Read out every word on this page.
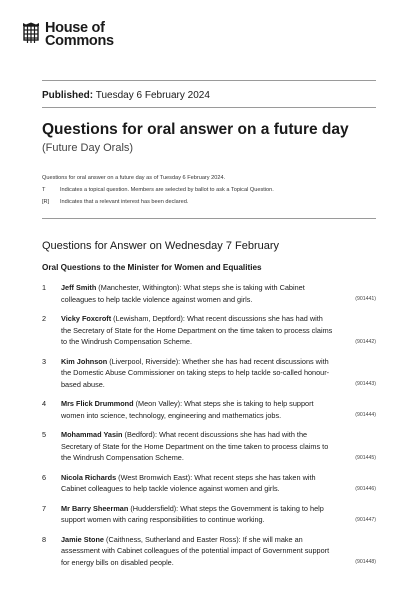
House of
Commons
Published: Tuesday 6 February 2024
Questions for oral answer on a future day
(Future Day Orals)
Questions for oral answer on a future day as of Tuesday 6 February 2024.
T	Indicates a topical question. Members are selected by ballot to ask a Topical Question.
[R]	Indicates that a relevant interest has been declared.
Questions for Answer on Wednesday 7 February
Oral Questions to the Minister for Women and Equalities
1	Jeff Smith (Manchester, Withington): What steps she is taking with Cabinet colleagues to help tackle violence against women and girls.	(901441)
2	Vicky Foxcroft (Lewisham, Deptford): What recent discussions she has had with the Secretary of State for the Home Department on the time taken to process claims to the Windrush Compensation Scheme.	(901442)
3	Kim Johnson (Liverpool, Riverside): Whether she has had recent discussions with the Domestic Abuse Commissioner on taking steps to help tackle so-called honour-based abuse.	(901443)
4	Mrs Flick Drummond (Meon Valley): What steps she is taking to help support women into science, technology, engineering and mathematics jobs.	(901444)
5	Mohammad Yasin (Bedford): What recent discussions she has had with the Secretary of State for the Home Department on the time taken to process claims to the Windrush Compensation Scheme.	(901445)
6	Nicola Richards (West Bromwich East): What recent steps she has taken with Cabinet colleagues to help tackle violence against women and girls.	(901446)
7	Mr Barry Sheerman (Huddersfield): What steps the Government is taking to help support women with caring responsibilities to continue working.	(901447)
8	Jamie Stone (Caithness, Sutherland and Easter Ross): If she will make an assessment with Cabinet colleagues of the potential impact of Government support for energy bills on disabled people.	(901448)
